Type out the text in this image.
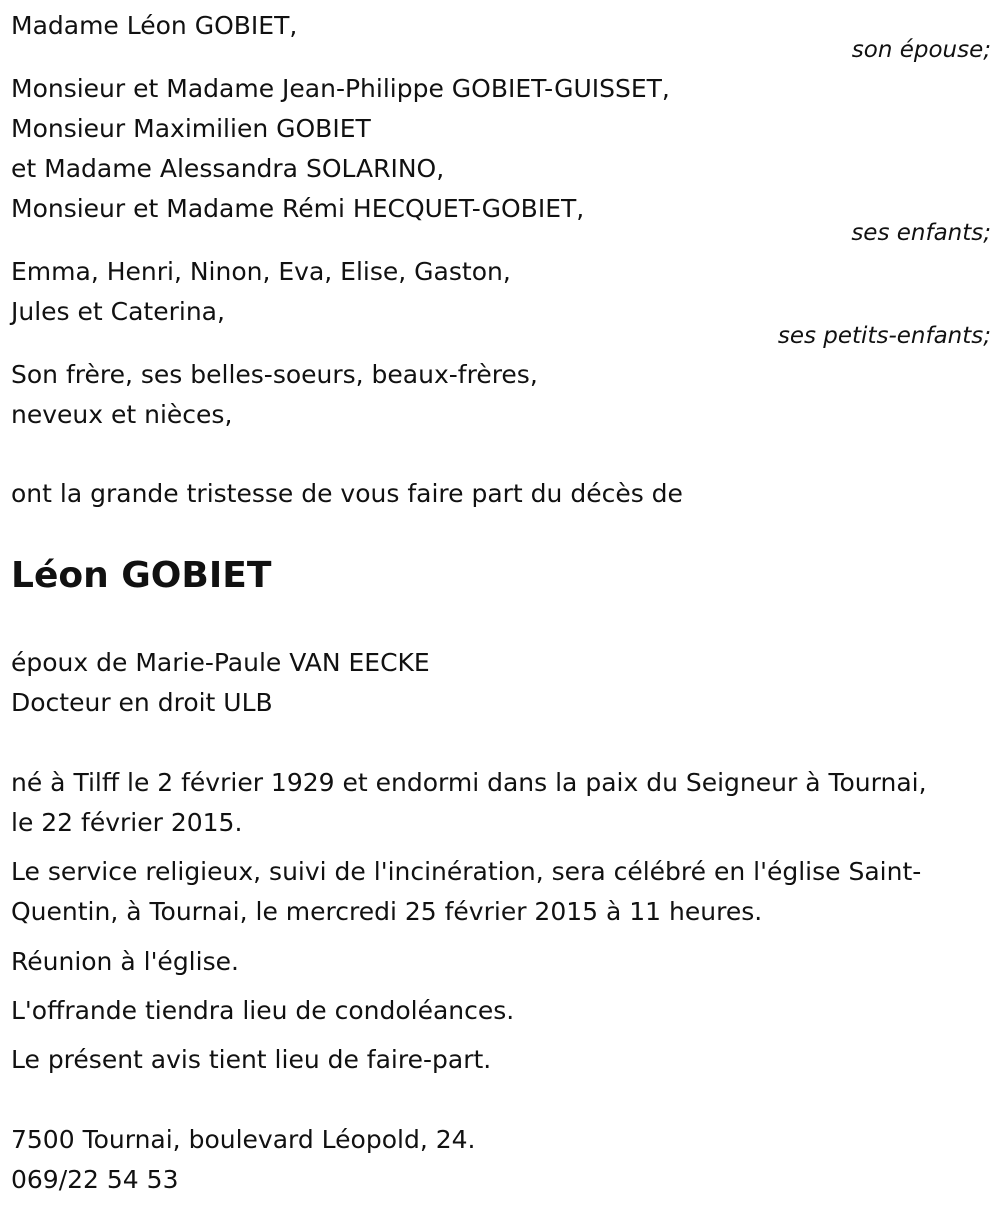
Madame Léon GOBIET,
son épouse;
Monsieur et Madame Jean-Philippe GOBIET-GUISSET,
Monsieur Maximilien GOBIET
et Madame Alessandra SOLARINO,
Monsieur et Madame Rémi HECQUET-GOBIET,
ses enfants;
Emma, Henri, Ninon, Eva, Elise, Gaston,
Jules et Caterina,
ses petits-enfants;
Son frère, ses belles-soeurs, beaux-frères,
neveux et nièces,
ont la grande tristesse de vous faire part du décès de
Léon GOBIET
époux de Marie-Paule VAN EECKE
Docteur en droit ULB
né à Tilff le 2 février 1929 et endormi dans la paix du Seigneur à Tournai,
le 22 février 2015.
Le service religieux, suivi de l'incinération, sera célébré en l'église Saint-
Quentin, à Tournai, le mercredi 25 février 2015 à 11 heures.
Réunion à l'église.
L'offrande tiendra lieu de condoléances.
Le présent avis tient lieu de faire-part.
7500 Tournai, boulevard Léopold, 24.
069/22 54 53
